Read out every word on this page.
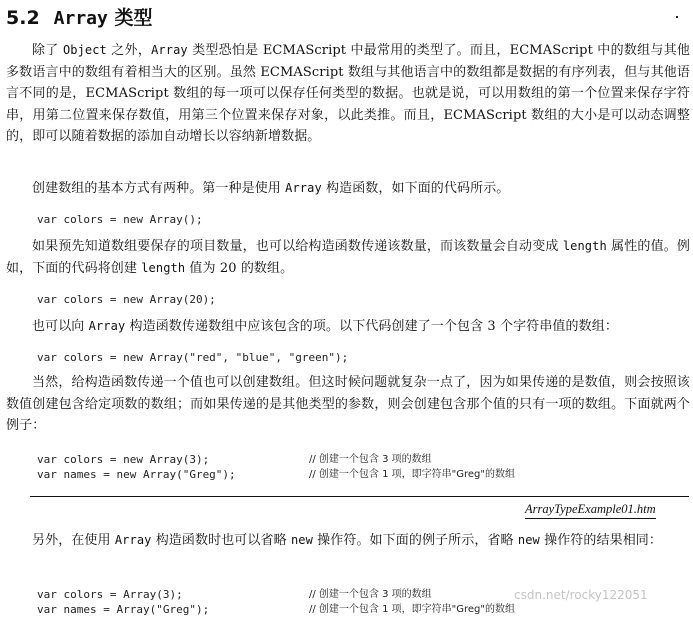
5.2 Array 类型
除了 Object 之外，Array 类型恐怕是 ECMAScript 中最常用的类型了。而且，ECMAScript 中的数组与其他多数语言中的数组有着相当大的区别。虽然 ECMAScript 数组与其他语言中的数组都是数据的有序列表，但与其他语言不同的是，ECMAScript 数组的每一项可以保存任何类型的数据。也就是说，可以用数组的第一个位置来保存字符串，用第二位置来保存数值，用第三个位置来保存对象，以此类推。而且，ECMAScript 数组的大小是可以动态调整的，即可以随着数据的添加自动增长以容纳新增数据。
创建数组的基本方式有两种。第一种是使用 Array 构造函数，如下面的代码所示。
var colors = new Array();
如果预先知道数组要保存的项目数量，也可以给构造函数传递该数量，而该数量会自动变成 length 属性的值。例如，下面的代码将创建 length 值为 20 的数组。
var colors = new Array(20);
也可以向 Array 构造函数传递数组中应该包含的项。以下代码创建了一个包含 3 个字符串值的数组：
var colors = new Array("red", "blue", "green");
当然，给构造函数传递一个值也可以创建数组。但这时候问题就复杂一点了，因为如果传递的是数值，则会按照该数值创建包含给定项数的数组；而如果传递的是其他类型的参数，则会创建包含那个值的只有一项的数组。下面就两个例子：
var colors = new Array(3);	// 创建一个包含 3 项的数组
var names = new Array("Greg");	// 创建一个包含 1 项，即字符串"Greg"的数组
ArrayTypeExample01.htm
另外，在使用 Array 构造函数时也可以省略 new 操作符。如下面的例子所示，省略 new 操作符的结果相同：
var colors = Array(3);	// 创建一个包含 3 项的数组
var names = Array("Greg");	// 创建一个包含 1 项，即字符串"Greg"的数组
csdn.net/rocky122051
